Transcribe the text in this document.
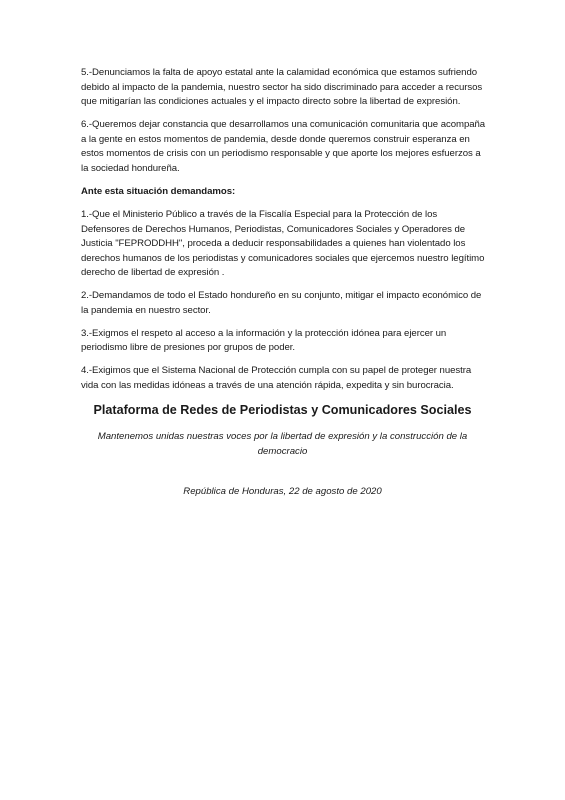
5.-Denunciamos la falta de apoyo estatal ante la calamidad económica que estamos sufriendo debido al impacto de la pandemia, nuestro sector ha sido discriminado para acceder a recursos que mitigarían las condiciones actuales y el impacto directo sobre la libertad de expresión.

6.-Queremos dejar constancia que desarrollamos una comunicación comunitaria que acompaña a la gente en estos momentos de pandemia, desde donde queremos construir esperanza en estos momentos de crisis con un periodismo responsable y que aporte los mejores esfuerzos a la sociedad hondureña.

Ante esta situación demandamos:

1.-Que el Ministerio Público a través de la Fiscalía Especial para la Protección de los Defensores de Derechos Humanos, Periodistas, Comunicadores Sociales y Operadores de Justicia "FEPRODDHH", proceda a deducir responsabilidades a quienes han violentado los derechos humanos de los periodistas y comunicadores sociales que ejercemos nuestro legítimo derecho de libertad de expresión .

2.-Demandamos de todo el Estado hondureño en su conjunto, mitigar el impacto económico de la pandemia en nuestro sector.

3.-Exigmos el respeto al acceso a la información y la protección idónea para ejercer un periodismo libre de presiones por grupos de poder.

4.-Exigimos que el Sistema Nacional de Protección cumpla con su papel de proteger nuestra vida con las medidas idóneas a través de una atención rápida, expedita y sin burocracia.

Plataforma de Redes de Periodistas y Comunicadores Sociales

Mantenemos unidas nuestras voces por la libertad de expresión y la construcción de la democracio

República de Honduras, 22 de agosto de 2020
